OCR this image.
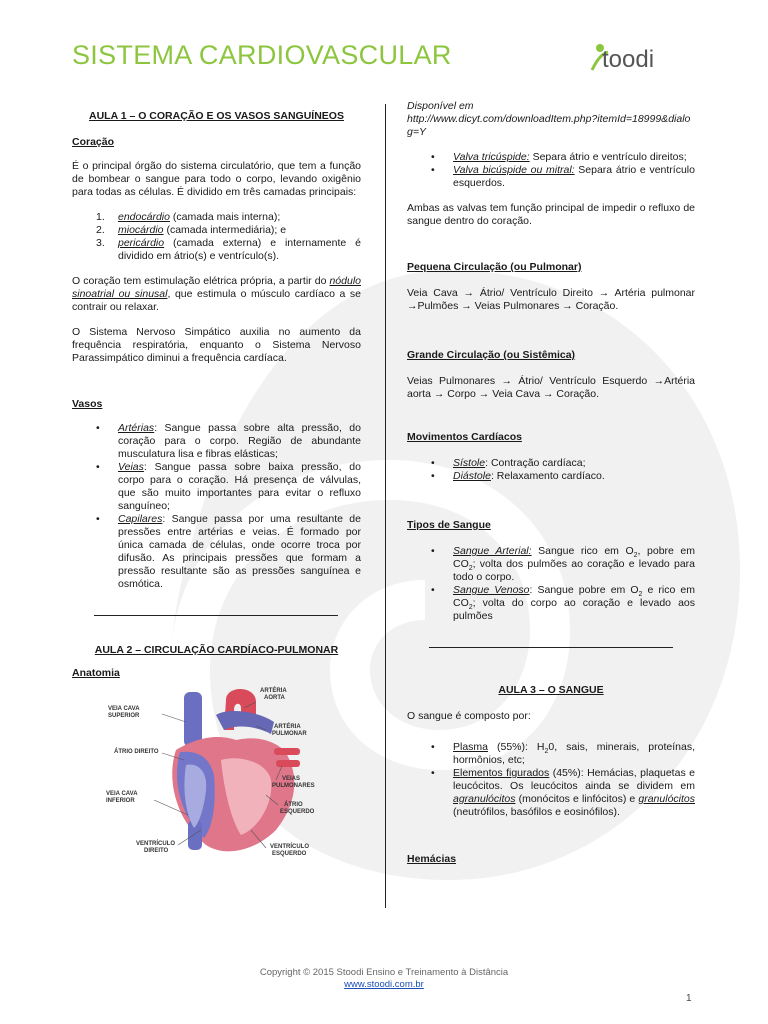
SISTEMA CARDIOVASCULAR	toodi
AULA 1 – O CORAÇÃO E OS VASOS SANGUÍNEOS
Coração

É o principal órgão do sistema circulatório, que tem a função de bombear o sangue para todo o corpo, levando oxigênio para todas as células. É dividido em três camadas principais:

1. endocárdio (camada mais interna);
2. miocárdio (camada intermediária); e
3. pericárdio (camada externa) e internamente é dividido em átrio(s) e ventrículo(s).

O coração tem estimulação elétrica própria, a partir do nódulo sinoatrial ou sinusal, que estimula o músculo cardíaco a se contrair ou relaxar.

O Sistema Nervoso Simpático auxilia no aumento da frequência respiratória, enquanto o Sistema Nervoso Parassimpático diminui a frequência cardíaca.

Vasos
• Artérias: Sangue passa sobre alta pressão, do coração para o corpo. Região de abundante musculatura lisa e fibras elásticas;
• Veias: Sangue passa sobre baixa pressão, do corpo para o coração. Há presença de válvulas, que são muito importantes para evitar o refluxo sanguíneo;
• Capilares: Sangue passa por uma resultante de pressões entre artérias e veias. É formado por única camada de células, onde ocorre troca por difusão. As principais pressões que formam a pressão resultante são as pressões sanguínea e osmótica.
AULA 2 – CIRCULAÇÃO CARDÍACO-PULMONAR
Anatomia
VEIA CAVA
SUPERIOR
ÁTRIO DIREITO
VEIA CAVA
INFERIOR
VENTRÍCULO
DIREITO
ARTÉRIA
AORTA
ARTÉRIA
PULMONAR
VEIAS
PULMONARES
ÁTRIO
ESQUERDO
VENTRÍCULO
ESQUERDO

Disponível em

http://www.dicyt.com/downloadItem.php?itemId=18999&dialog=Y

• Valva tricúspide: Separa átrio e ventrículo direitos;
• Valva bicúspide ou mitral: Separa átrio e ventrículo esquerdos.

Ambas as valvas tem função principal de impedir o refluxo de sangue dentro do coração.

Pequena Circulação (ou Pulmonar)

Veia Cava → Átrio/ Ventrículo Direito → Artéria pulmonar →Pulmões → Veias Pulmonares → Coração.

Grande Circulação (ou Sistêmica)

Veias Pulmonares → Átrio/ Ventrículo Esquerdo →Artéria aorta → Corpo → Veia Cava → Coração.

Movimentos Cardíacos
• Sístole: Contração cardíaca;
• Diástole: Relaxamento cardíaco.
Tipos de Sangue
• Sangue Arterial: Sangue rico em $O_2$, pobre em $CO_2$; volta dos pulmões ao coração e levado para todo o corpo.
• Sangue Venoso: Sangue pobre em $O_2$ e rico em $CO_2$; volta do corpo ao coração e levado aos pulmões
AULA 3 – O SANGUE

O sangue é composto por:

• Plasma (55%): $H_20$, sais, minerais, proteínas, hormônios, etc;
• Elementos figurados (45%): Hemácias, plaquetas e leucócitos. Os leucócitos ainda se dividem em agranulócitos (monócitos e linfócitos) e granulócitos (neutrófilos, basófilos e eosinófilos).
Hemácias
Copyright © 2015 Stoodi Ensino e Treinamento à Distância
www.stoodi.com.br
1
